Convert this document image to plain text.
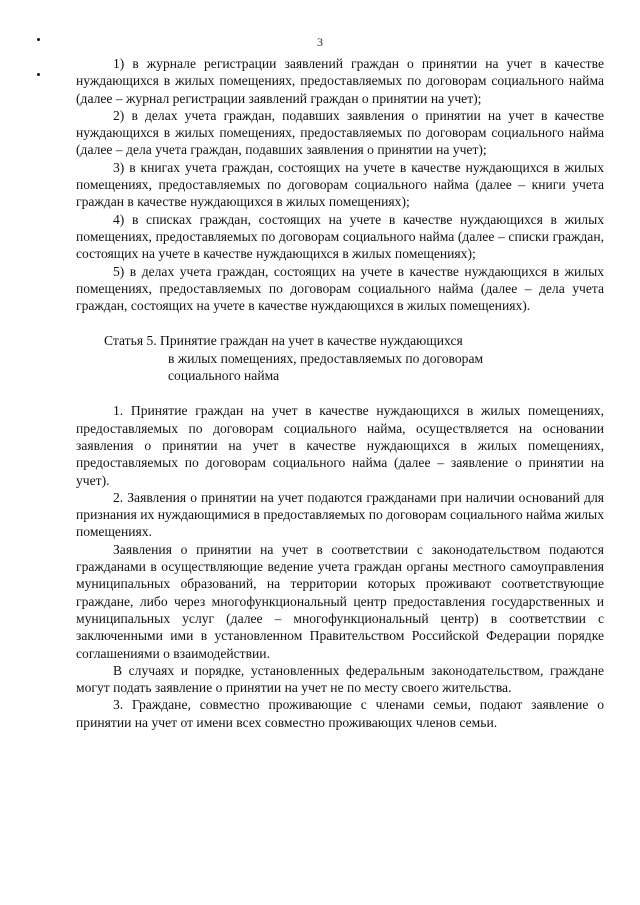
3

1) в журнале регистрации заявлений граждан о принятии на учет в качестве нуждающихся в жилых помещениях, предоставляемых по договорам социального найма (далее – журнал регистрации заявлений граждан о принятии на учет);

2) в делах учета граждан, подавших заявления о принятии на учет в качестве нуждающихся в жилых помещениях, предоставляемых по договорам социального найма (далее – дела учета граждан, подавших заявления о принятии на учет);

3) в книгах учета граждан, состоящих на учете в качестве нуждающихся в жилых помещениях, предоставляемых по договорам социального найма (далее – книги учета граждан в качестве нуждающихся в жилых помещениях);

4) в списках граждан, состоящих на учете в качестве нуждающихся в жилых помещениях, предоставляемых по договорам социального найма (далее – списки граждан, состоящих на учете в качестве нуждающихся в жилых помещениях);

5) в делах учета граждан, состоящих на учете в качестве нуждающихся в жилых помещениях, предоставляемых по договорам социального найма (далее – дела учета граждан, состоящих на учете в качестве нуждающихся в жилых помещениях).

Статья 5. Принятие граждан на учет в качестве нуждающихся
в жилых помещениях, предоставляемых по договорам
социального найма

1. Принятие граждан на учет в качестве нуждающихся в жилых помещениях, предоставляемых по договорам социального найма, осуществляется на основании заявления о принятии на учет в качестве нуждающихся в жилых помещениях, предоставляемых по договорам социального найма (далее – заявление о принятии на учет).

2. Заявления о принятии на учет подаются гражданами при наличии оснований для признания их нуждающимися в предоставляемых по договорам социального найма жилых помещениях.

Заявления о принятии на учет в соответствии с законодательством подаются гражданами в осуществляющие ведение учета граждан органы местного самоуправления муниципальных образований, на территории которых проживают соответствующие граждане, либо через многофункциональный центр предоставления государственных и муниципальных услуг (далее – многофункциональный центр) в соответствии с заключенными ими в установленном Правительством Российской Федерации порядке соглашениями о взаимодействии.

В случаях и порядке, установленных федеральным законодательством, граждане могут подать заявление о принятии на учет не по месту своего жительства.

3. Граждане, совместно проживающие с членами семьи, подают заявление о принятии на учет от имени всех совместно проживающих членов семьи.
